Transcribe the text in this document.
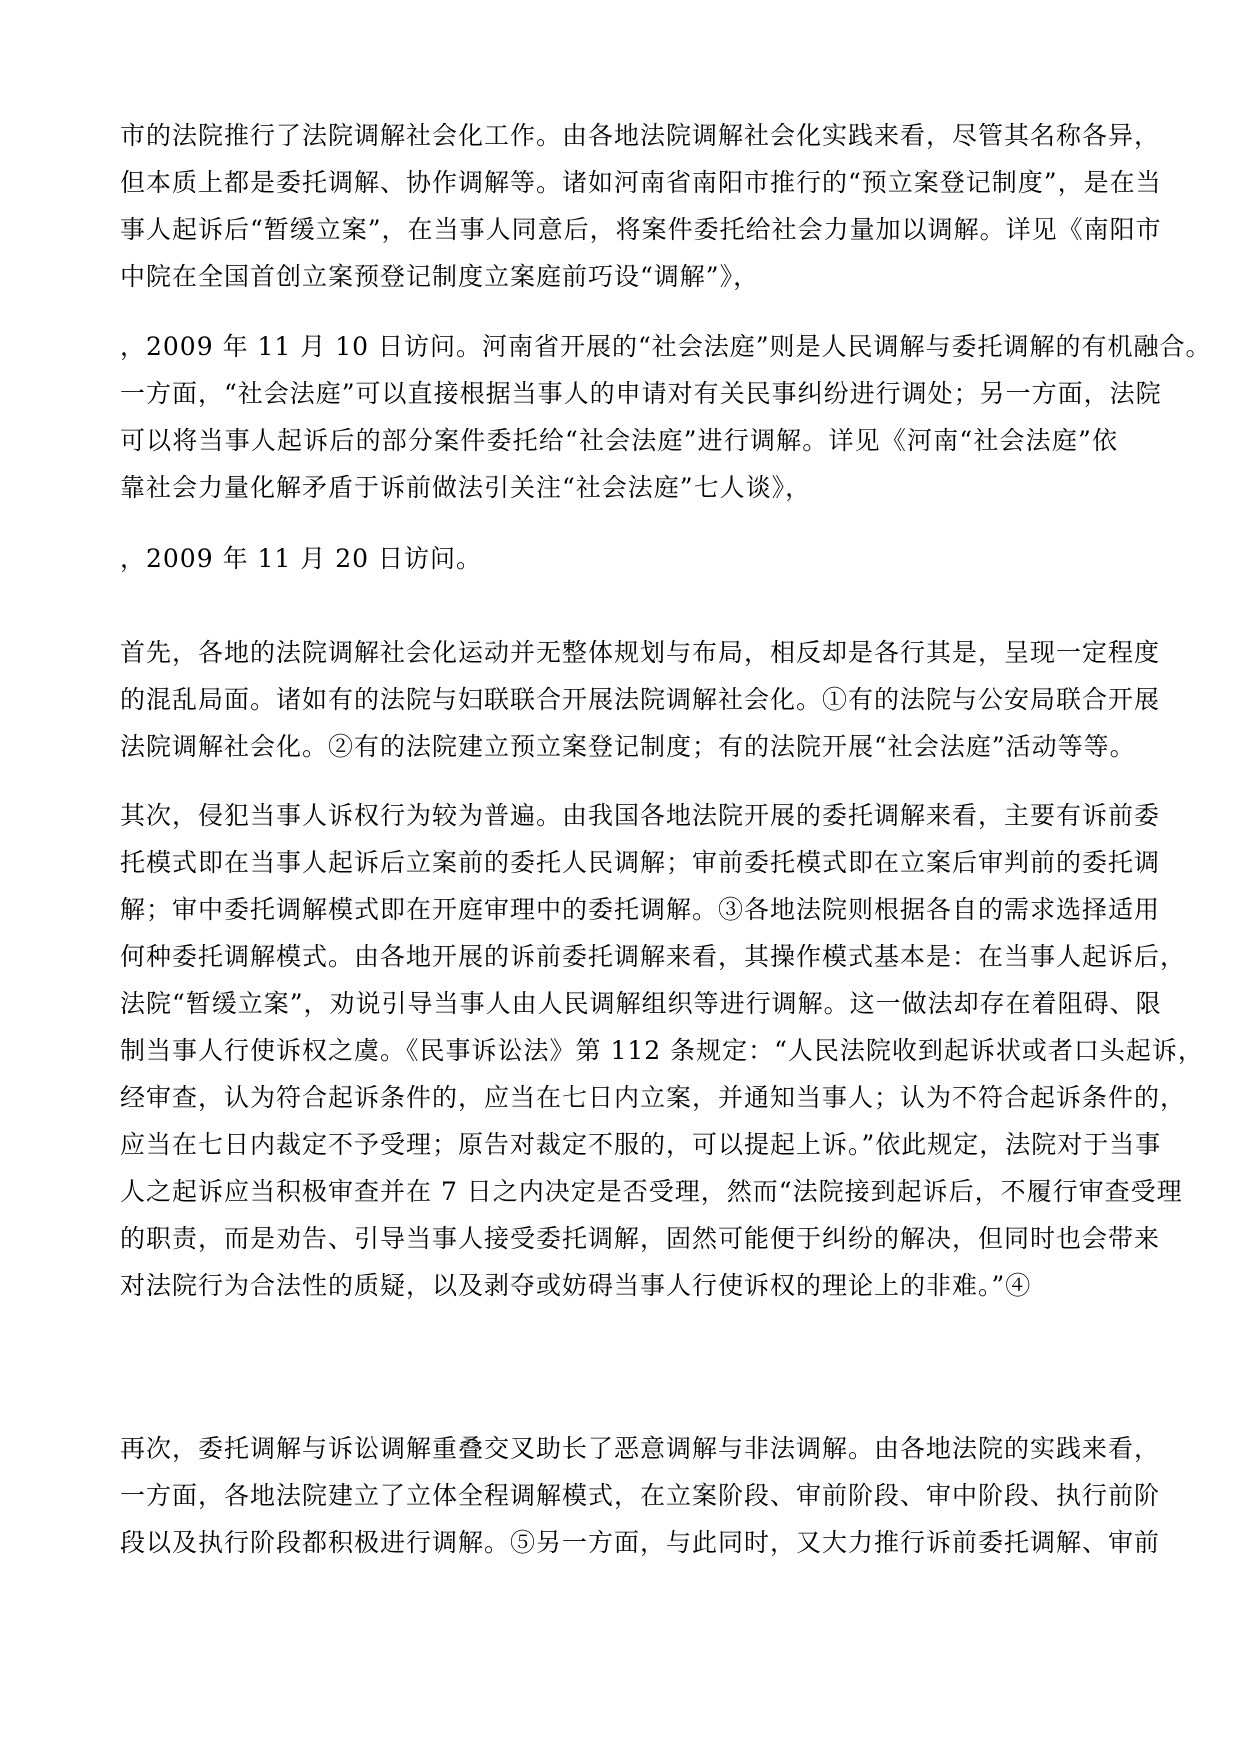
市的法院推行了法院调解社会化工作。由各地法院调解社会化实践来看，尽管其名称各异，
但本质上都是委托调解、协作调解等。诸如河南省南阳市推行的“预立案登记制度”，是在当
事人起诉后“暂缓立案”，在当事人同意后，将案件委托给社会力量加以调解。详见《南阳市
中院在全国首创立案预登记制度立案庭前巧设“调解”》，
，2009 年 11 月 10 日访问。河南省开展的“社会法庭”则是人民调解与委托调解的有机融合。
一方面，“社会法庭”可以直接根据当事人的申请对有关民事纠纷进行调处；另一方面，法院
可以将当事人起诉后的部分案件委托给“社会法庭”进行调解。详见《河南“社会法庭”依
靠社会力量化解矛盾于诉前做法引关注“社会法庭”七人谈》，
，2009 年 11 月 20 日访问。
首先，各地的法院调解社会化运动并无整体规划与布局，相反却是各行其是，呈现一定程度
的混乱局面。诸如有的法院与妇联联合开展法院调解社会化。①有的法院与公安局联合开展
法院调解社会化。②有的法院建立预立案登记制度；有的法院开展“社会法庭”活动等等。
其次，侵犯当事人诉权行为较为普遍。由我国各地法院开展的委托调解来看，主要有诉前委
托模式即在当事人起诉后立案前的委托人民调解；审前委托模式即在立案后审判前的委托调
解；审中委托调解模式即在开庭审理中的委托调解。③各地法院则根据各自的需求选择适用
何种委托调解模式。由各地开展的诉前委托调解来看，其操作模式基本是：在当事人起诉后，
法院“暂缓立案”，劝说引导当事人由人民调解组织等进行调解。这一做法却存在着阻碍、限
制当事人行使诉权之虞。《民事诉讼法》第 112 条规定：“人民法院收到起诉状或者口头起诉，
经审查，认为符合起诉条件的，应当在七日内立案，并通知当事人；认为不符合起诉条件的，
应当在七日内裁定不予受理；原告对裁定不服的，可以提起上诉。”依此规定，法院对于当事
人之起诉应当积极审查并在 7 日之内决定是否受理，然而“法院接到起诉后，不履行审查受理
的职责，而是劝告、引导当事人接受委托调解，固然可能便于纠纷的解决，但同时也会带来
对法院行为合法性的质疑，以及剥夺或妨碍当事人行使诉权的理论上的非难。”④
再次，委托调解与诉讼调解重叠交叉助长了恶意调解与非法调解。由各地法院的实践来看，
一方面，各地法院建立了立体全程调解模式，在立案阶段、审前阶段、审中阶段、执行前阶
段以及执行阶段都积极进行调解。⑤另一方面，与此同时，又大力推行诉前委托调解、审前
